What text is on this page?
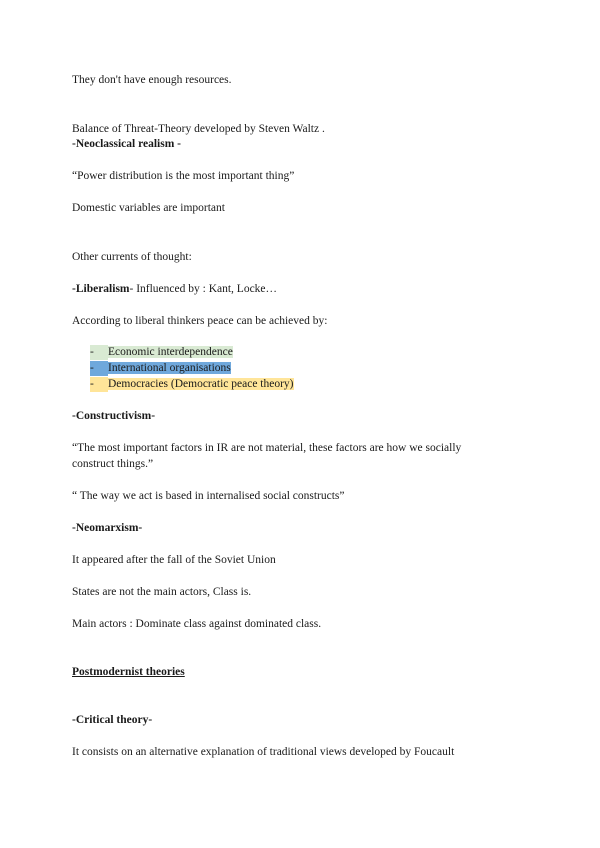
They don't have enough resources.
Balance of Threat-Theory developed by Steven Waltz .
-Neoclassical realism -
“Power distribution is the most important thing”
Domestic variables are important
Other currents of thought:
-Liberalism- Influenced by : Kant, Locke…
According to liberal thinkers peace can be achieved by:
- Economic interdependence
- International organisations
- Democracies (Democratic peace theory)
-Constructivism-
“The most important factors in IR are not material, these factors are how we socially
construct things.”
“ The way we act is based in internalised social constructs”
-Neomarxism-
It appeared after the fall of the Soviet Union
States are not the main actors, Class is.
Main actors : Dominate class against dominated class.
Postmodernist theories
-Critical theory-
It consists on an alternative explanation of traditional views developed by Foucault
